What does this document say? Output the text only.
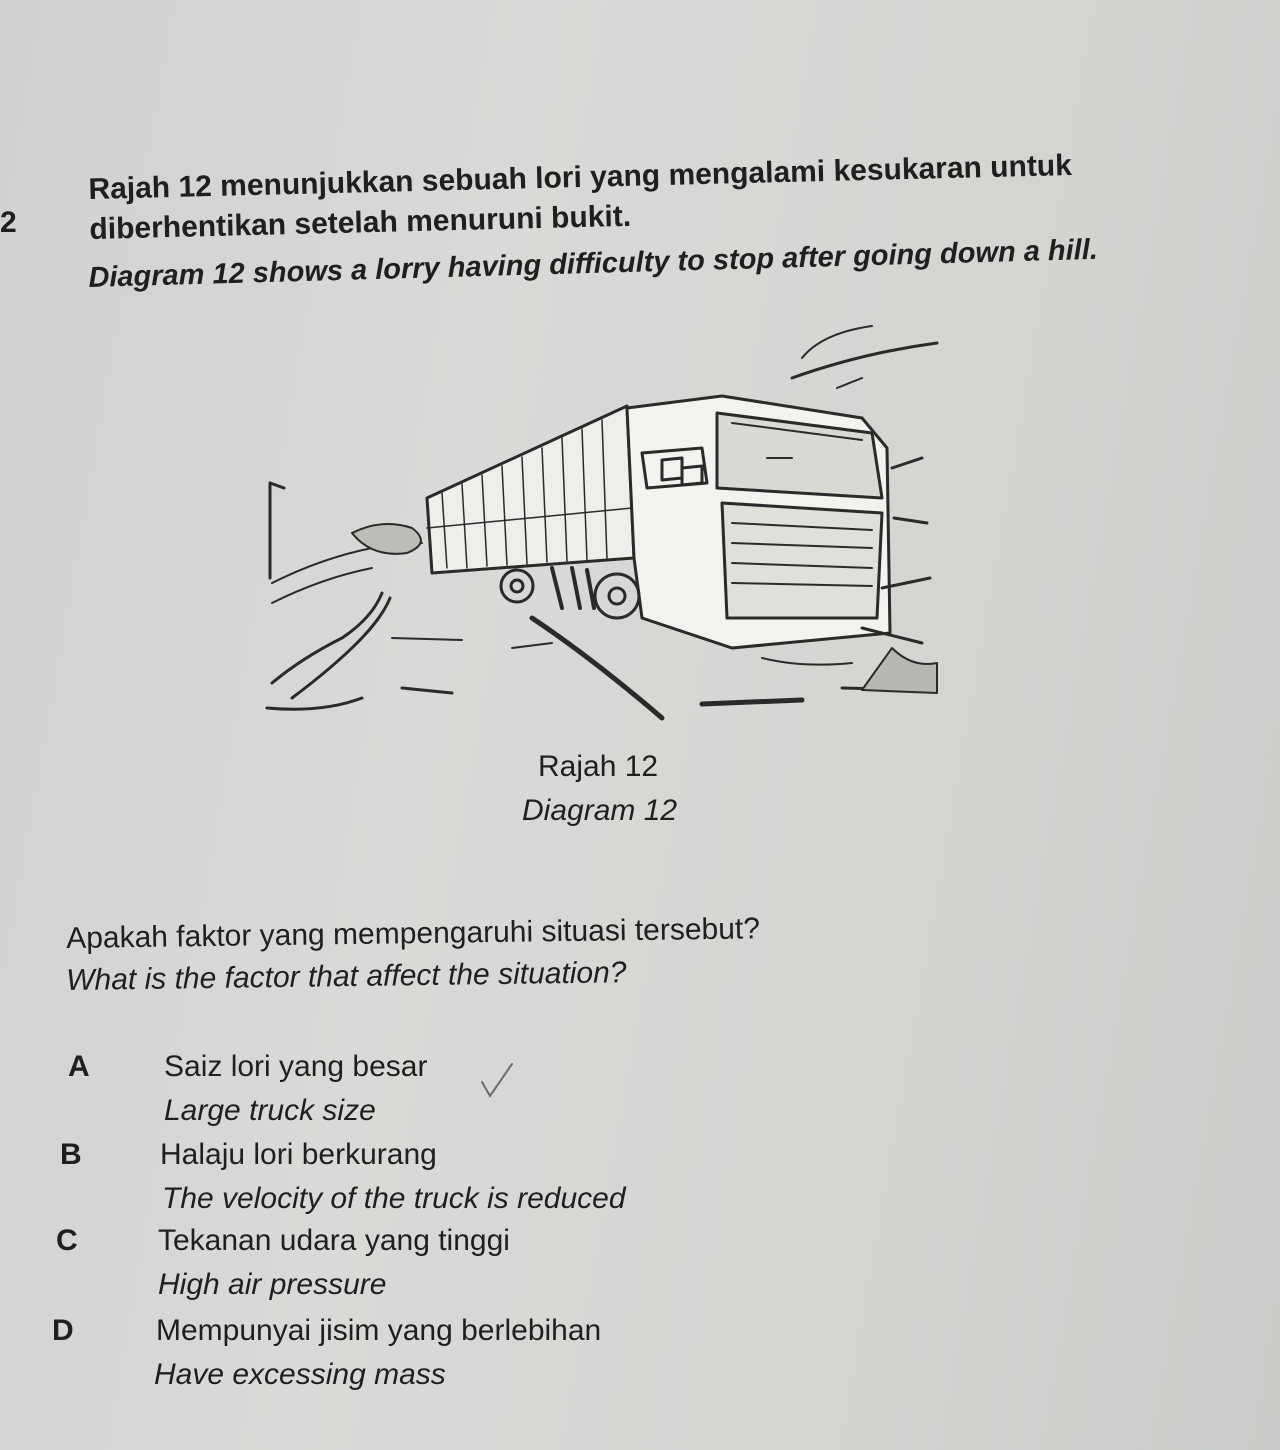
2
Rajah 12 menunjukkan sebuah lori yang mengalami kesukaran untuk diberhentikan setelah menuruni bukit.
Diagram 12 shows a lorry having difficulty to stop after going down a hill.
Rajah 12
Diagram 12
Apakah faktor yang mempengaruhi situasi tersebut?
What is the factor that affect the situation?
A Saiz lori yang besar
Large truck size
B	Halaju lori berkurang
The velocity of the truck is reduced
C	Tekanan udara yang tinggi
High air pressure
D	Mempunyai jisim yang berlebihan
Have excessing mass
